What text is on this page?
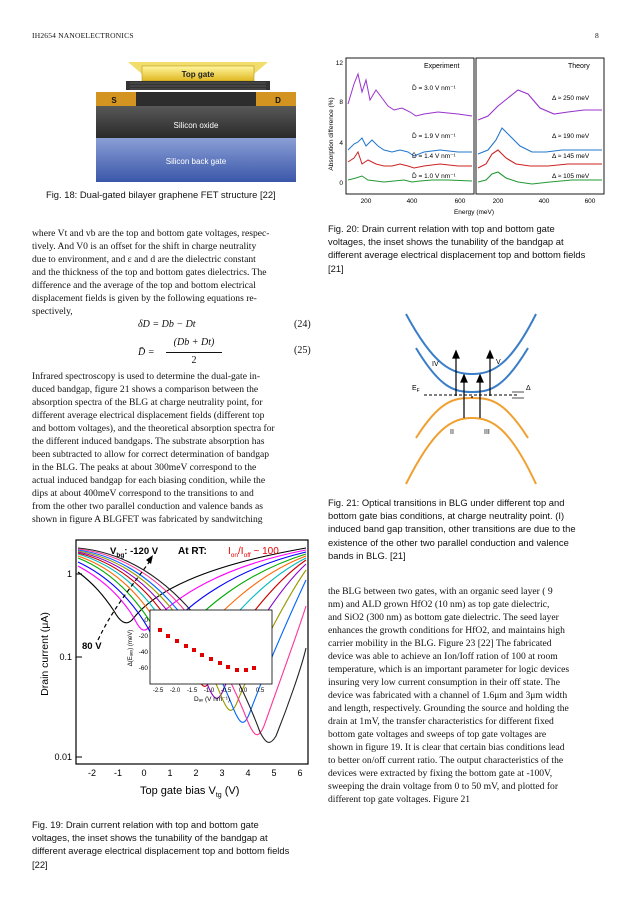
IH2654 NANOELECTRONICS	8
Top gate
S	D
Silicon oxide
Silicon back gate
Fig. 18: Dual-gated bilayer graphene FET structure [22]
where Vt and vb are the top and bottom gate voltages, respec-
tively. And V0 is an offset for the shift in charge neutrality
due to environment, and ε and d are the dielectric constant
and the thickness of the top and bottom gates dielectrics. The
difference and the average of the top and bottom electrical
displacement fields is given by the following equations re-
spectively,
δD = Db − Dt	(24)
D̄ =
(Db + Dt)
2
(25)
Infrared spectroscopy is used to determine the dual-gate in-
duced bandgap, figure 21 shows a comparison between the
absorption spectra of the BLG at charge neutrality point, for
different average electrical displacement fields (different top
and bottom voltages), and the theoretical absorption spectra for
the different induced bandgaps. The substrate absorption has
been subtracted to allow for correct determination of bandgap
in the BLG. The peaks at about 300meV correspond to the
actual induced bandgap for each biasing condition, while the
dips at about 400meV correspond to the transitions to and
from the other two parallel conduction and valence bands as
shown in figure A BLGFET was fabricated by sandwitching
$V_{bg}$: -120 V At RT: $I_{on}/I_{off}$ ~ 100
80 V
1
0.1
0.01
-2 -1 0 1 2 3 4 5 6
Drain current (μA)
Top gate bias $V_{tg}$ (V)
0
-20
-40
-60
-2.5 -2.0 -1.5 -1.0 -0.5 0.0 0.5
Δ(Eₐₑₓ) (meV)
Dₐᵥ (V nm⁻¹)
Fig. 19: Drain current relation with top and bottom gate
voltages, the inset shows the tunability of the bandgap at
different average electrical displacement top and bottom fields
[22]
Experiment	Theory
12
8
4
0
Absorption difference (%)
200	400	600	200	400	600
Energy (meV)
D̄ = 3.0 V nm⁻¹
D̄ = 1.9 V nm⁻¹
D̄ = 1.4 V nm⁻¹
D̄ = 1.0 V nm⁻¹
Δ ≈ 250 meV
Δ ≈ 190 meV
Δ ≈ 145 meV
Δ ≈ 105 meV
Fig. 20: Drain current relation with top and bottom gate
voltages, the inset shows the tunability of the bandgap at
different average electrical displacement top and bottom fields
[21]
$E_F$
IV	V
II	III
Δ
Fig. 21: Optical transitions in BLG under different top and
bottom gate bias conditions, at charge neutrality point. (I)
induced band gap transition, other transitions are due to the
existence of the other two parallel conduction and valence
bands in BLG. [21]
the BLG between two gates, with an organic seed layer ( 9
nm) and ALD grown HfO2 (10 nm) as top gate dielectric,
and SiO2 (300 nm) as bottom gate dielectric. The seed layer
enhances the growth conditions for HfO2, and maintains high
carrier mobility in the BLG. Figure 23 [22] The fabricated
device was able to achieve an Ion/Ioff ration of 100 at room
temperature, which is an important parameter for logic devices
insuring very low current consumption in their off state. The
device was fabricated with a channel of 1.6μm and 3μm width
and length, respectively. Grounding the source and holding the
drain at 1mV, the transfer characteristics for different fixed
bottom gate voltages and sweeps of top gate voltages are
shown in figure 19. It is clear that certain bias conditions lead
to better on/off current ratio. The output characteristics of the
devices were extracted by fixing the bottom gate at -100V,
sweeping the drain voltage from 0 to 50 mV, and plotted for
different top gate voltages. Figure 21
